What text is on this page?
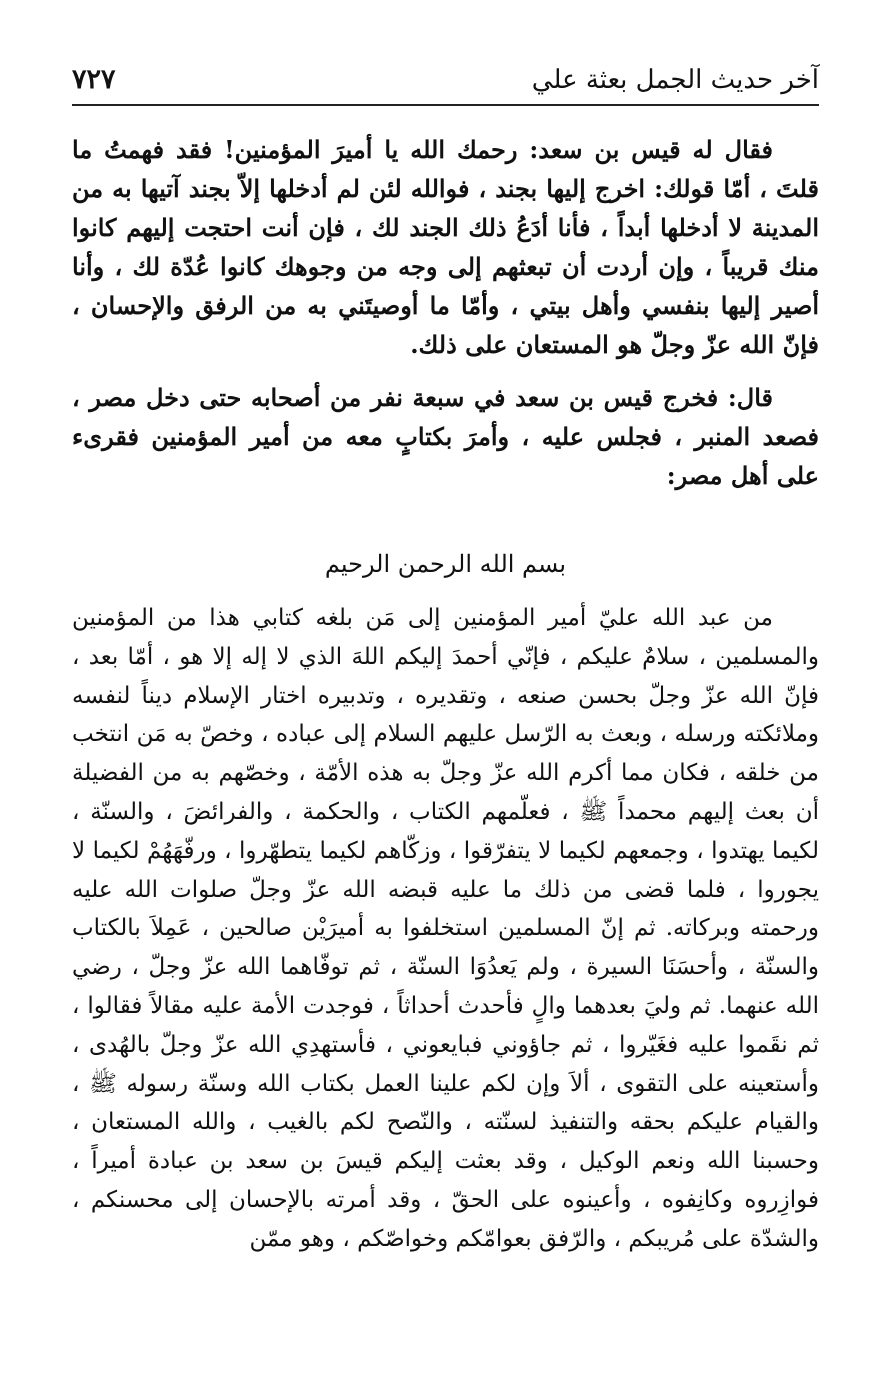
آخر حديث الجمل بعثة علي
٧٢٧

فقال له قيس بن سعد: رحمك الله يا أميرَ المؤمنين! فقد فهمتُ ما قلتَ ، أمّا قولك: اخرج إليها بجند ، فوالله لئن لم أدخلها إلاّ بجند آتيها به من المدينة لا أدخلها أبداً ، فأنا أدَعُ ذلك الجند لك ، فإن أنت احتجت إليهم كانوا منك قريباً ، وإن أردت أن تبعثهم إلى وجه من وجوهك كانوا عُدّة لك ، وأنا أصير إليها بنفسي وأهل بيتي ، وأمّا ما أوصيتَني به من الرفق والإحسان ، فإنّ الله عزّ وجلّ هو المستعان على ذلك.

قال: فخرج قيس بن سعد في سبعة نفر من أصحابه حتى دخل مصر ، فصعد المنبر ، فجلس عليه ، وأمرَ بكتابٍ معه من أمير المؤمنين فقرىء على أهل مصر:

بسم الله الرحمن الرحيم

من عبد الله عليّ أمير المؤمنين إلى مَن بلغه كتابي هذا من المؤمنين والمسلمين ، سلامٌ عليكم ، فإنّي أحمدَ إليكم اللهَ الذي لا إله إلا هو ، أمّا بعد ، فإنّ الله عزّ وجلّ بحسن صنعه ، وتقديره ، وتدبيره اختار الإسلام ديناً لنفسه وملائكته ورسله ، وبعث به الرّسل عليهم السلام إلى عباده ، وخصّ به مَن انتخب من خلقه ، فكان مما أكرم الله عزّ وجلّ به هذه الأمّة ، وخصّهم به من الفضيلة أن بعث إليهم محمداً ﷺ ، فعلّمهم الكتاب ، والحكمة ، والفرائضَ ، والسنّة ، لكيما يهتدوا ، وجمعهم لكيما لا يتفرّقوا ، وزكّاهم لكيما يتطهّروا ، ورفّهَهُمْ لكيما لا يجوروا ، فلما قضى من ذلك ما عليه قبضه الله عزّ وجلّ صلوات الله عليه ورحمته وبركاته. ثم إنّ المسلمين استخلفوا به أميرَيْن صالحين ، عَمِلاَ بالكتاب والسنّة ، وأحسَنَا السيرة ، ولم يَعدُوَا السنّة ، ثم توفّاهما الله عزّ وجلّ ، رضي الله عنهما. ثم وليَ بعدهما والٍ فأحدث أحداثاً ، فوجدت الأمة عليه مقالاً فقالوا ، ثم نقَموا عليه فغَيّروا ، ثم جاؤوني فبايعوني ، فأستهدِي الله عزّ وجلّ بالهُدى ، وأستعينه على التقوى ، ألاَ وإن لكم علينا العمل بكتاب الله وسنّة رسوله ﷺ ، والقيام عليكم بحقه والتنفيذ لسنّته ، والنّصح لكم بالغيب ، والله المستعان ، وحسبنا الله ونعم الوكيل ، وقد بعثت إليكم قيسَ بن سعد بن عبادة أميراً ، فوازِروه وكانِفوه ، وأعينوه على الحقّ ، وقد أمرته بالإحسان إلى محسنكم ، والشدّة على مُريبكم ، والرّفق بعوامّكم وخواصّكم ، وهو ممّن
